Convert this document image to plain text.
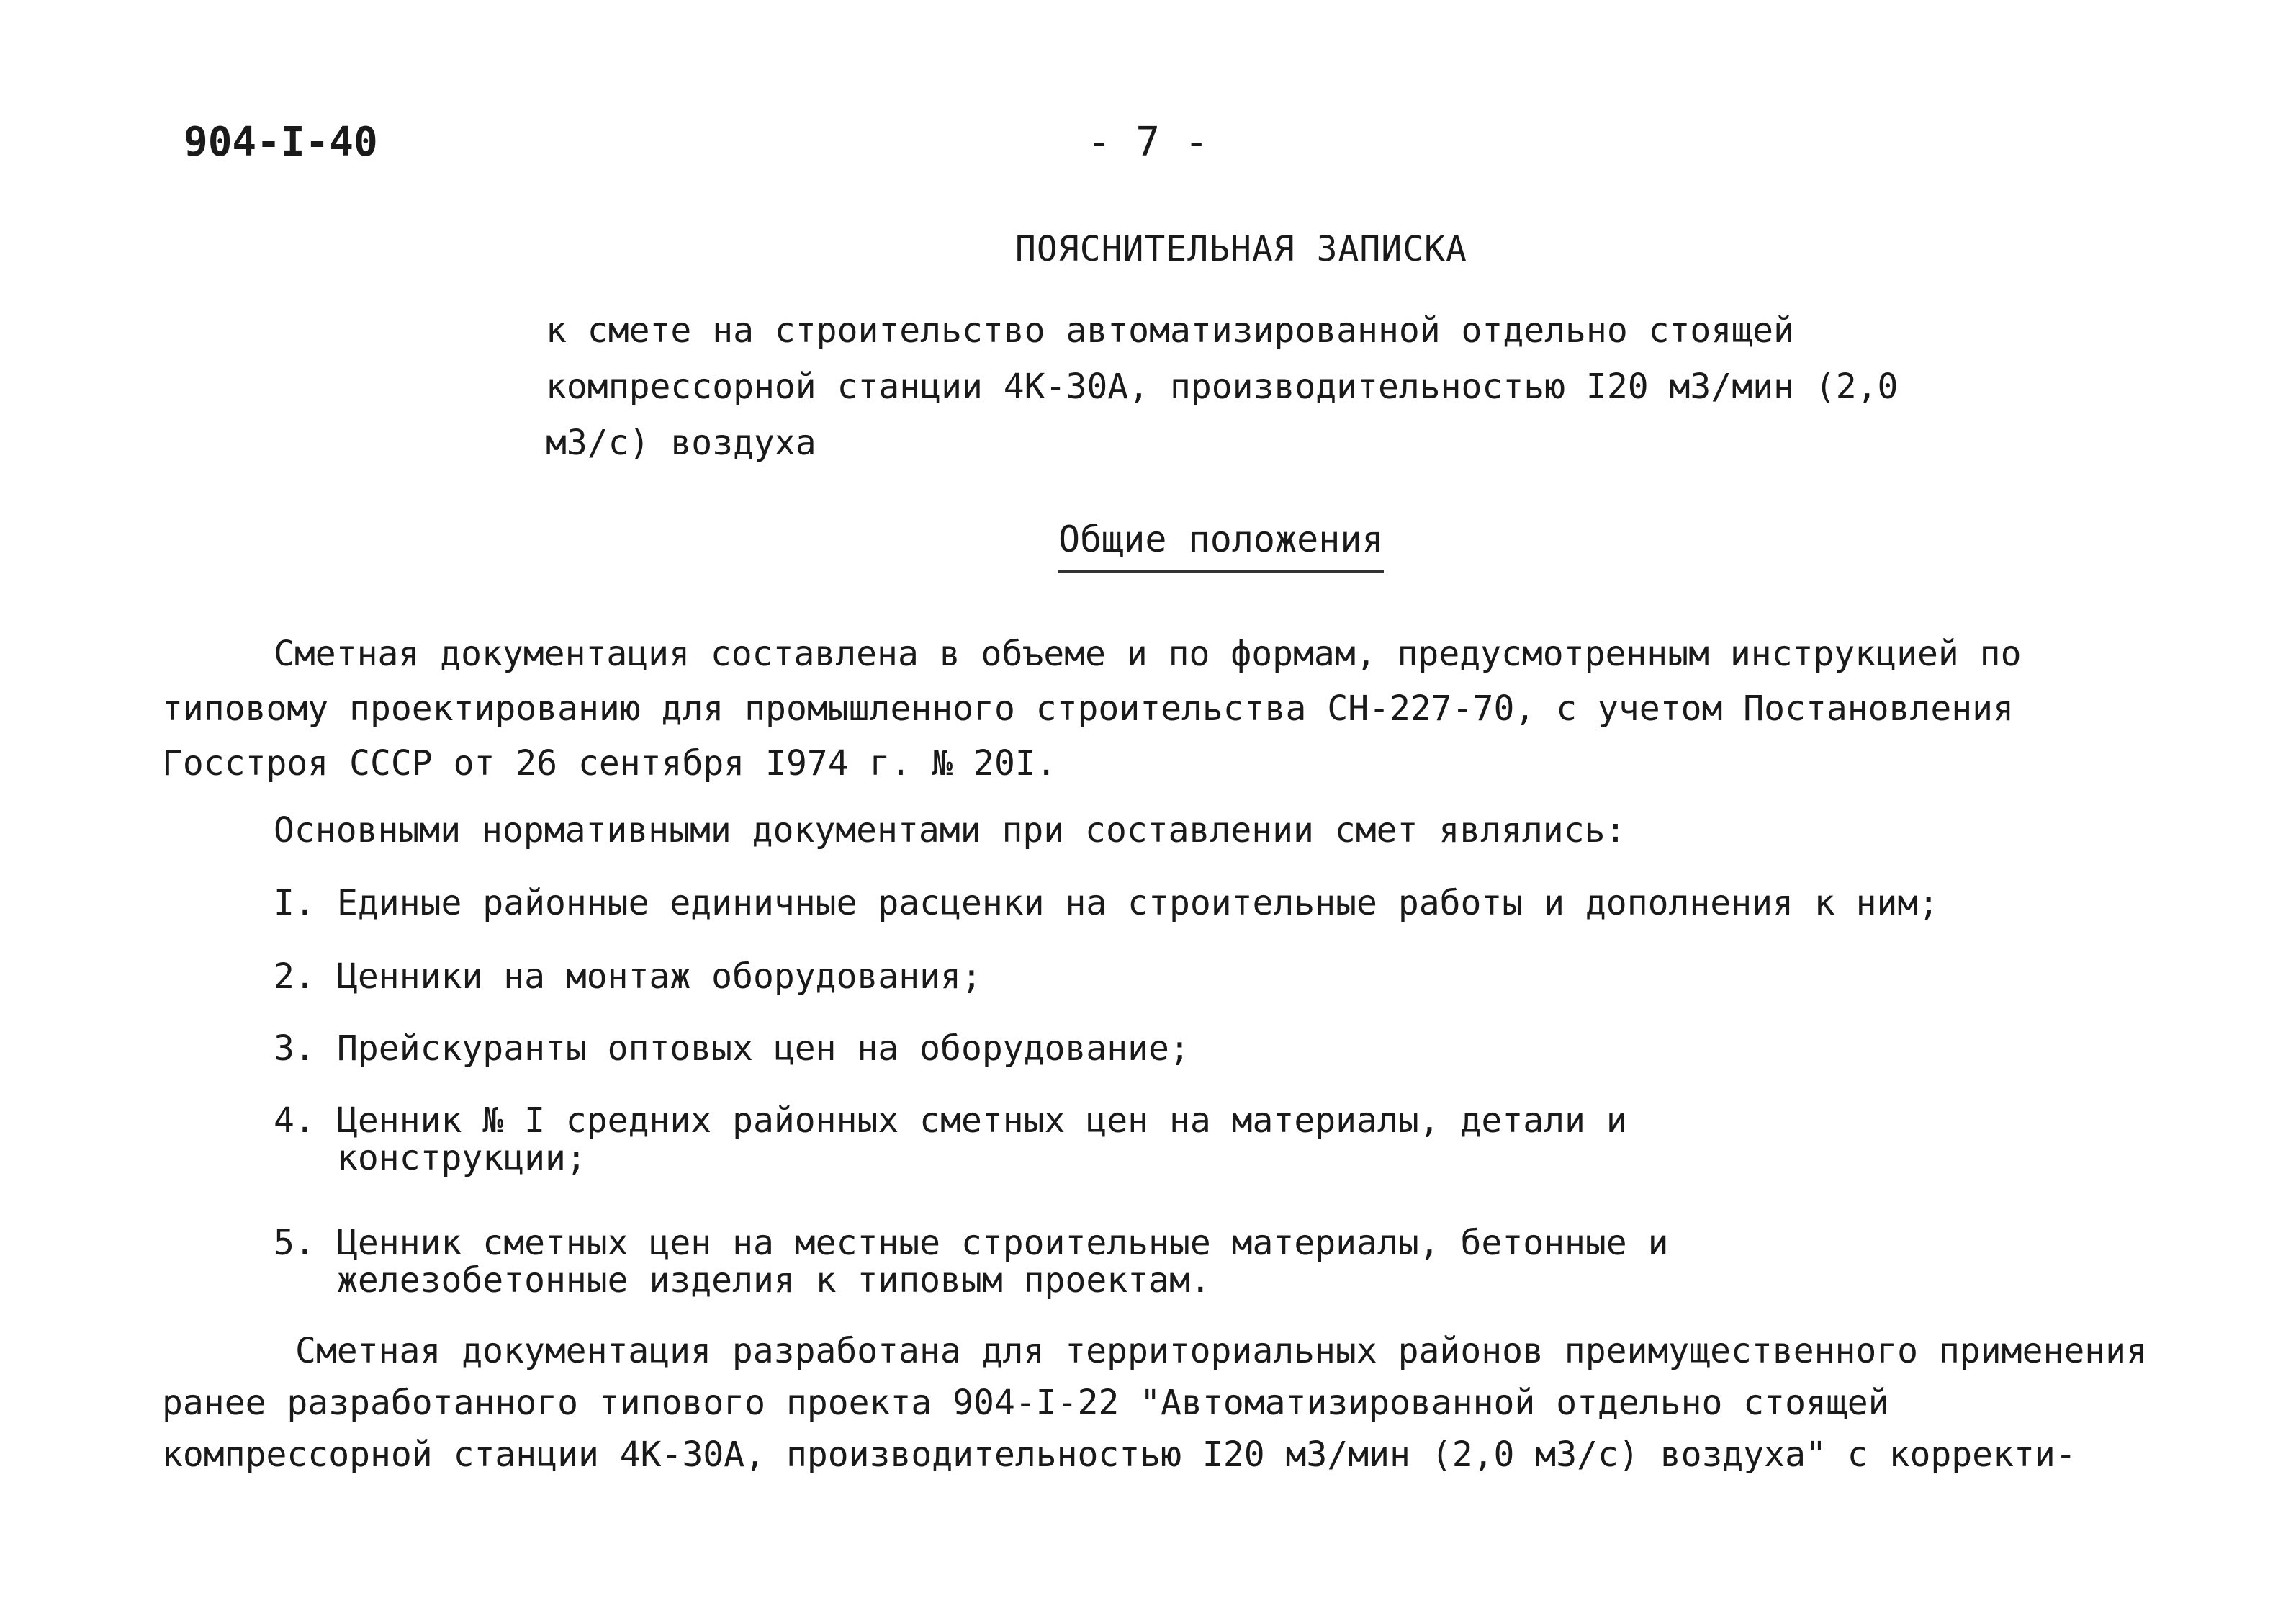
904-I-40	- 7 -
ПОЯСНИТЕЛЬНАЯ ЗАПИСКА
к смете на строительство автоматизированной отдельно стоящей компрессорной станции 4К-30А, производительностью I20 м3/мин (2,0 м3/с) воздуха
Общие положения
Сметная документация составлена в объеме и по формам, предусмотренным инструкцией по типовому проектированию для промышленного строительства СН-227-70, с учетом Постановления Госстроя СССР от 26 сентября I974 г. № 20I.
Основными нормативными документами при составлении смет являлись:
I. Единые районные единичные расценки на строительные работы и дополнения к ним;
2. Ценники на монтаж оборудования;
3. Прейскуранты оптовых цен на оборудование;
4. Ценник № I средних районных сметных цен на материалы, детали и конструкции;
5. Ценник сметных цен на местные строительные материалы, бетонные и железобетонные изделия к типовым проектам.
Сметная документация разработана для территориальных районов преимущественного применения ранее разработанного типового проекта 904-I-22 "Автоматизированной отдельно стоящей компрессорной станции 4К-30А, производительностью I20 м3/мин (2,0 м3/с) воздуха" с корректи-
